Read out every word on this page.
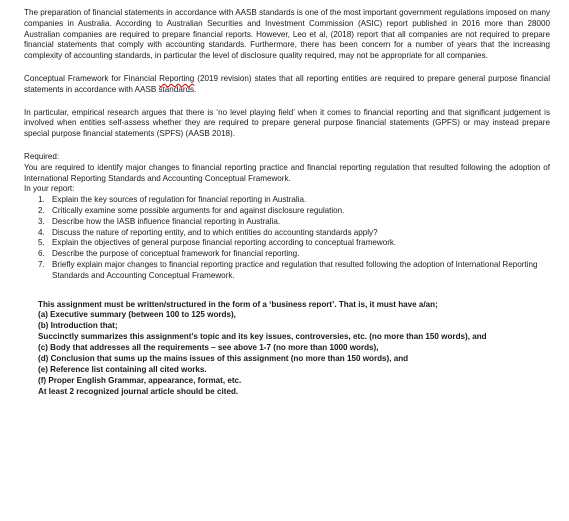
The preparation of financial statements in accordance with AASB standards is one of the most important government regulations imposed on many companies in Australia. According to Australian Securities and Investment Commission (ASIC) report published in 2016 more than 28000 Australian companies are required to prepare financial reports. However, Leo et al, (2018) report that all companies are not required to prepare financial statements that comply with accounting standards. Furthermore, there has been concern for a number of years that the increasing complexity of accounting standards, in particular the level of disclosure quality required, may not be appropriate for all companies.

Conceptual Framework for Financial Reporting (2019 revision) states that all reporting entities are required to prepare general purpose financial statements in accordance with AASB standards.

In particular, empirical research argues that there is ‘no level playing field’ when it comes to financial reporting and that significant judgement is involved when entities self-assess whether they are required to prepare general purpose financial statements (GPFS) or may instead prepare special purpose financial statements (SPFS) (AASB 2018).

Required:

You are required to identify major changes to financial reporting practice and financial reporting regulation that resulted following the adoption of International Reporting Standards and Accounting Conceptual Framework.

In your report:

1. Explain the key sources of regulation for financial reporting in Australia.
2. Critically examine some possible arguments for and against disclosure regulation.
3. Describe how the IASB influence financial reporting in Australia.
4. Discuss the nature of reporting entity, and to which entities do accounting standards apply?
5. Explain the objectives of general purpose financial reporting according to conceptual framework.
6. Describe the purpose of conceptual framework for financial reporting.
7. Briefly explain major changes to financial reporting practice and regulation that resulted following the adoption of International Reporting Standards and Accounting Conceptual Framework.

This assignment must be written/structured in the form of a ‘business report’. That is, it must have a/an;

(a) Executive summary (between 100 to 125 words),

(b) Introduction that;

Succinctly summarizes this assignment’s topic and its key issues, controversies, etc. (no more than 150 words), and

(c) Body that addresses all the requirements – see above 1-7 (no more than 1000 words),

(d) Conclusion that sums up the mains issues of this assignment (no more than 150 words), and

(e) Reference list containing all cited works.

(f) Proper English Grammar, appearance, format, etc.

At least 2 recognized journal article should be cited.
